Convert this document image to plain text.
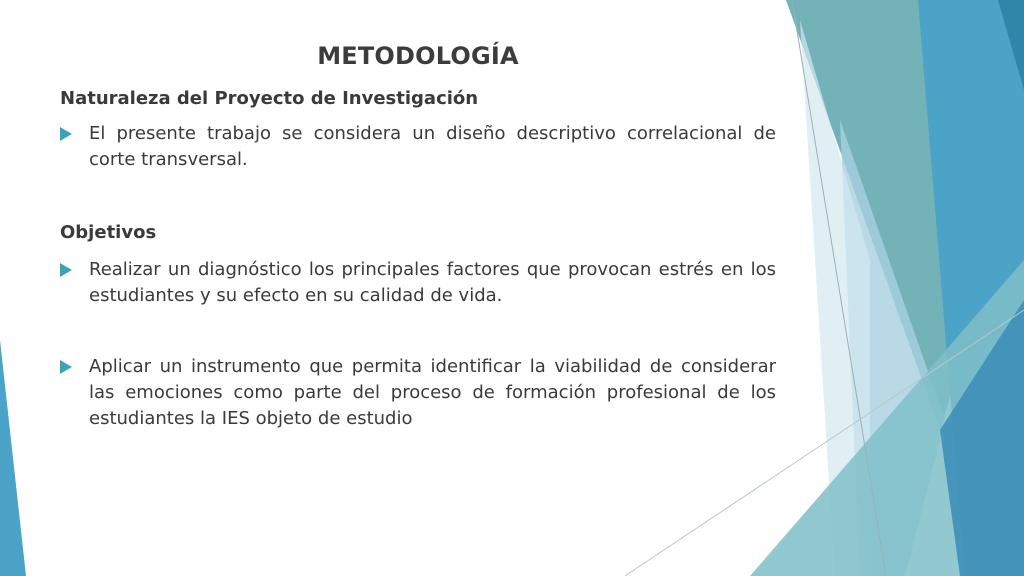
METODOLOGÍA

Naturaleza del Proyecto de Investigación

El presente trabajo se considera un diseño descriptivo correlacional de corte transversal.

Objetivos

Realizar un diagnóstico los principales factores que provocan estrés en los estudiantes y su efecto en su calidad de vida.

Aplicar un instrumento que permita identificar la viabilidad de considerar las emociones como parte del proceso de formación profesional de los estudiantes la IES objeto de estudio
